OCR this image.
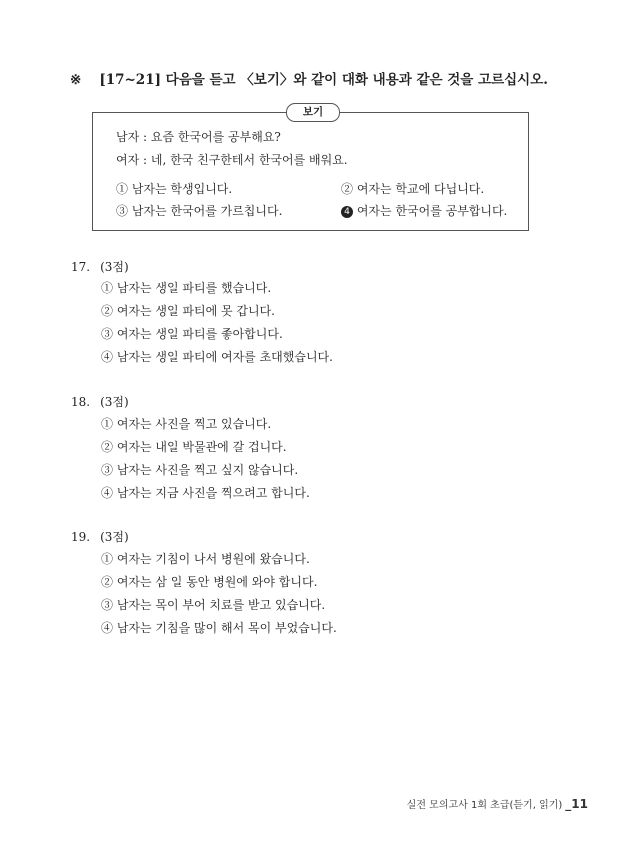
※ [17~21] 다음을 듣고 〈보기〉와 같이 대화 내용과 같은 것을 고르십시오.
보기
남자 : 요즘 한국어를 공부해요?
여자 : 네, 한국 친구한테서 한국어를 배워요.
① 남자는 학생입니다.	② 여자는 학교에 다닙니다.
③ 남자는 한국어를 가르칩니다.	4 여자는 한국어를 공부합니다.
17. (3점)
① 남자는 생일 파티를 했습니다.
② 여자는 생일 파티에 못 갑니다.
③ 여자는 생일 파티를 좋아합니다.
④ 남자는 생일 파티에 여자를 초대했습니다.
18. (3점)
① 여자는 사진을 찍고 있습니다.
② 여자는 내일 박물관에 갈 겁니다.
③ 남자는 사진을 찍고 싶지 않습니다.
④ 남자는 지금 사진을 찍으려고 합니다.
19. (3점)
① 여자는 기침이 나서 병원에 왔습니다.
② 여자는 삼 일 동안 병원에 와야 합니다.
③ 남자는 목이 부어 치료를 받고 있습니다.
④ 남자는 기침을 많이 해서 목이 부었습니다.
실전 모의고사 1회 초급(듣기, 읽기) _11
